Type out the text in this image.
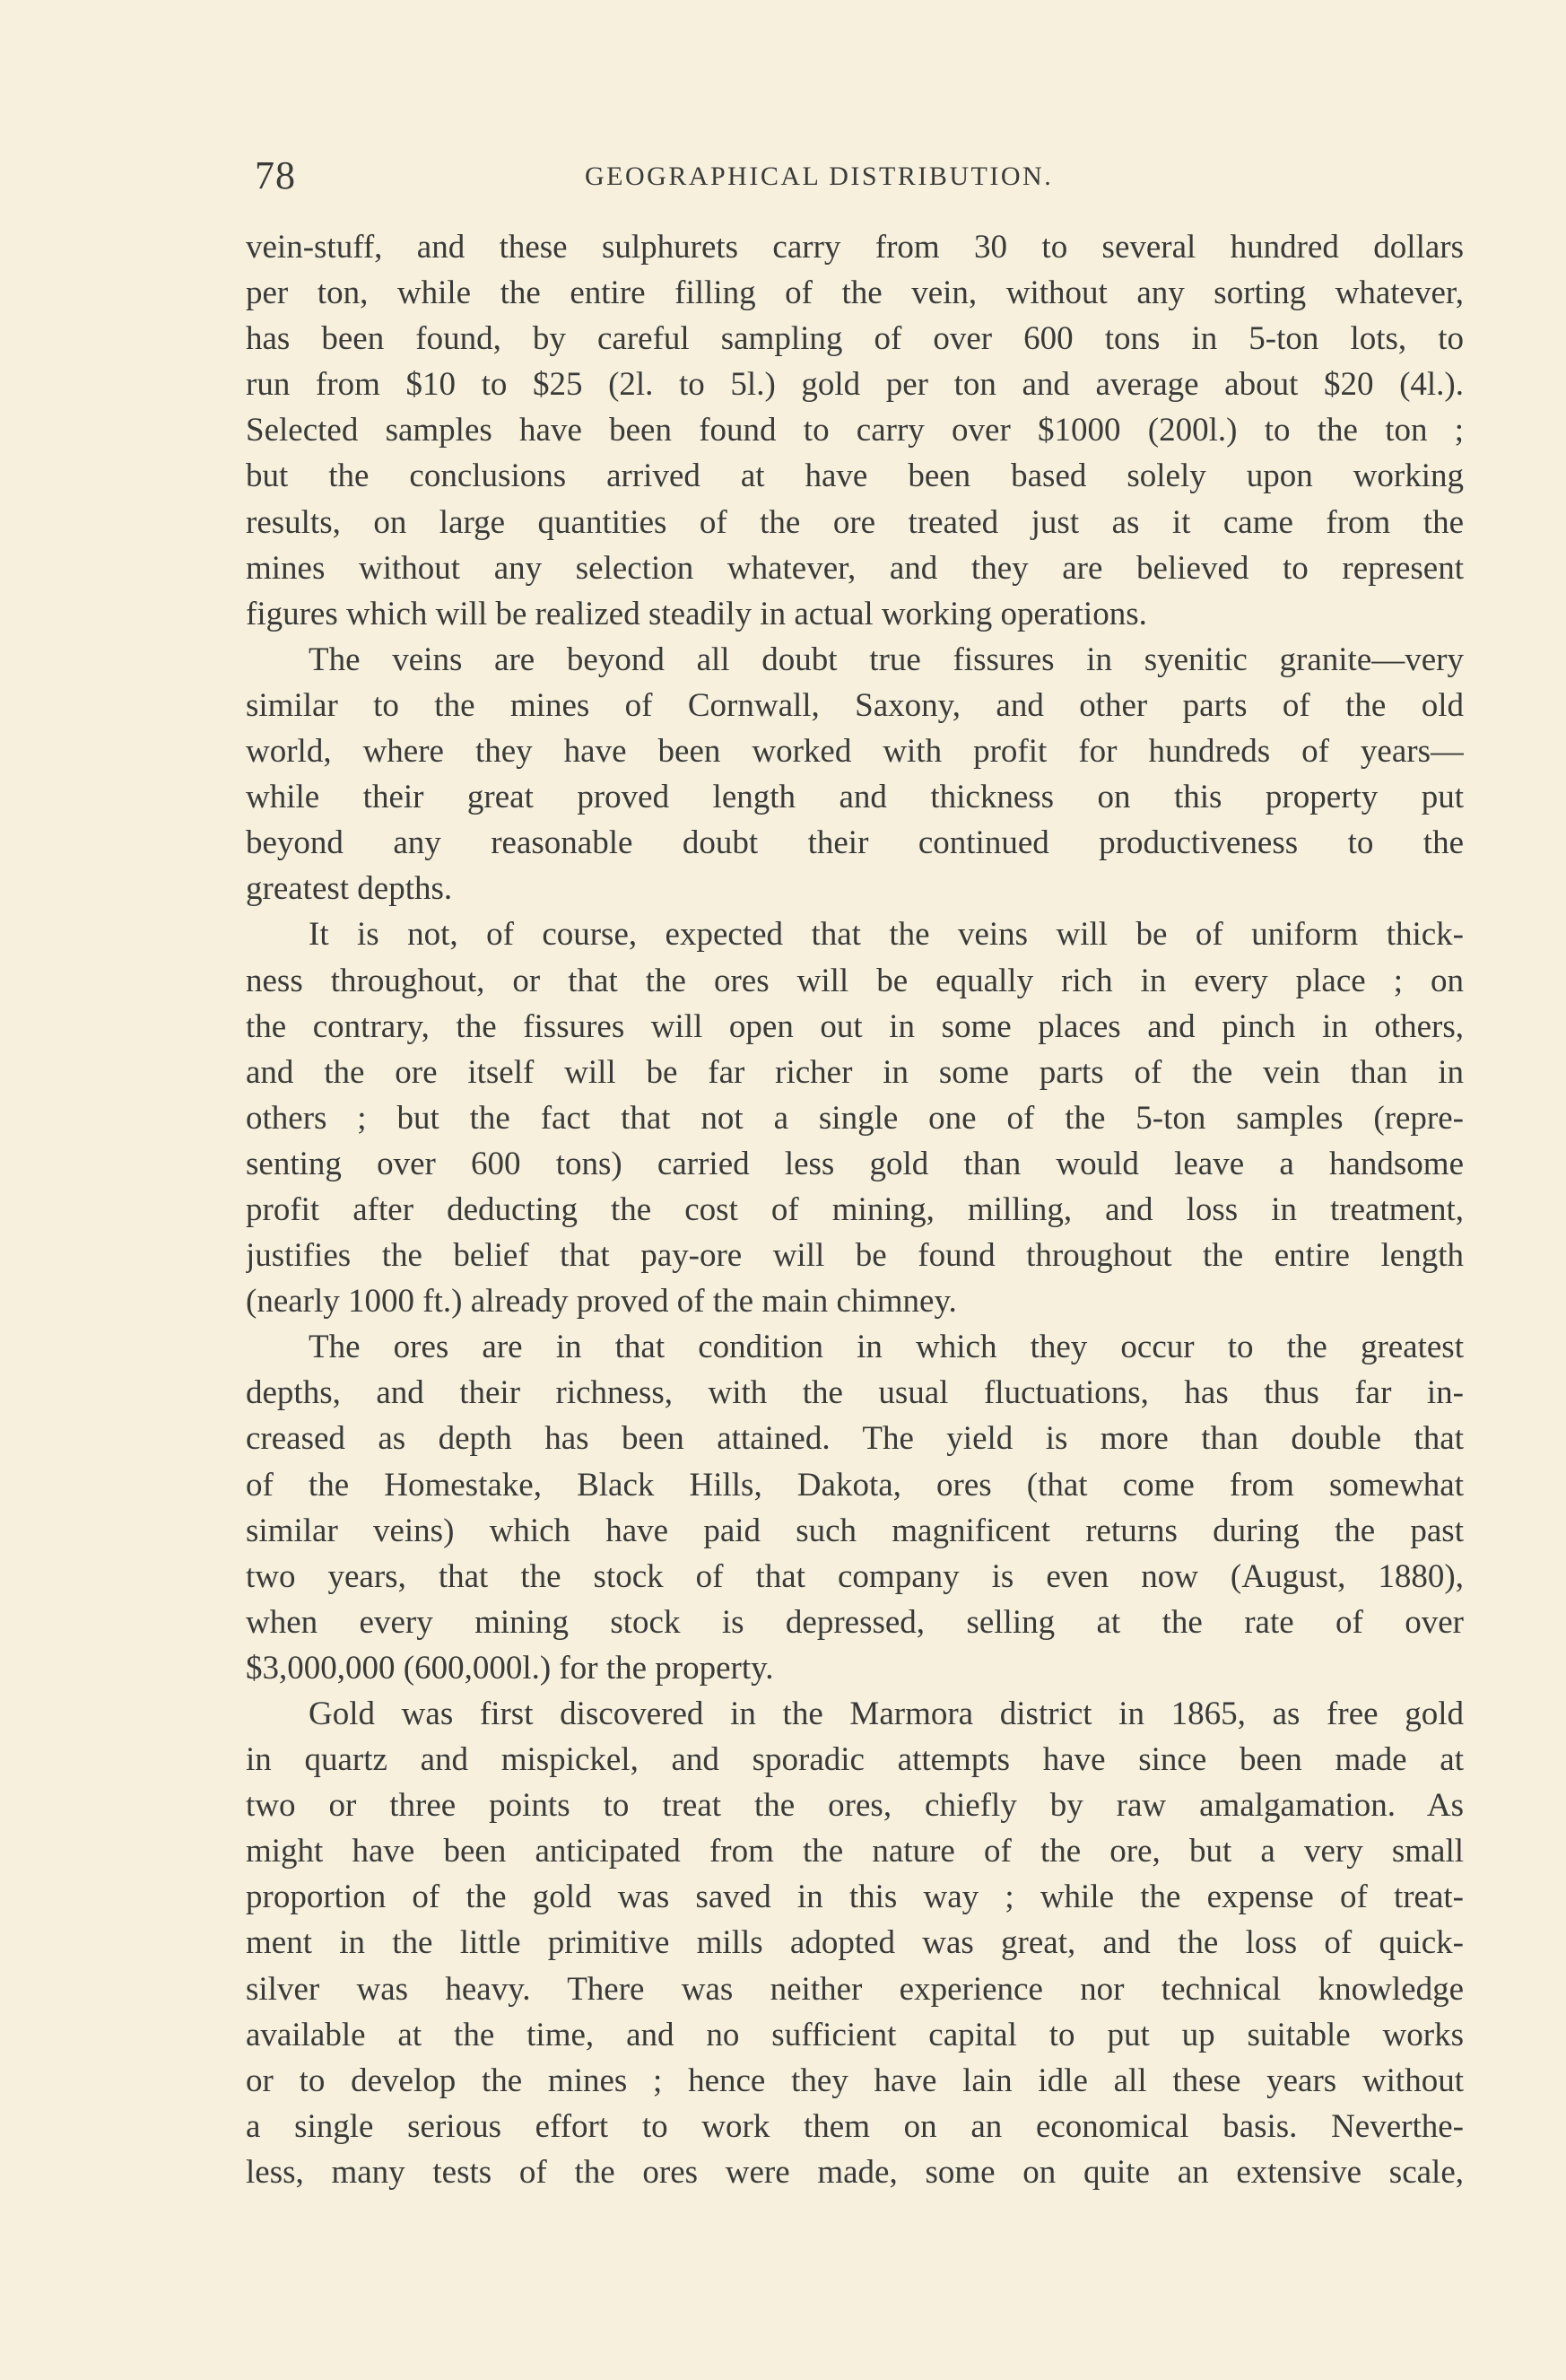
78	GEOGRAPHICAL DISTRIBUTION.
vein-stuff, and these sulphurets carry from 30 to several hundred dollars
per ton, while the entire filling of the vein, without any sorting whatever,
has been found, by careful sampling of over 600 tons in 5-ton lots, to
run from $10 to $25 (2l. to 5l.) gold per ton and average about $20 (4l.).
Selected samples have been found to carry over $1000 (200l.) to the ton ;
but the conclusions arrived at have been based solely upon working
results, on large quantities of the ore treated just as it came from the
mines without any selection whatever, and they are believed to represent
figures which will be realized steadily in actual working operations.
The veins are beyond all doubt true fissures in syenitic granite—very
similar to the mines of Cornwall, Saxony, and other parts of the old
world, where they have been worked with profit for hundreds of years—
while their great proved length and thickness on this property put
beyond any reasonable doubt their continued productiveness to the
greatest depths.
It is not, of course, expected that the veins will be of uniform thick-
ness throughout, or that the ores will be equally rich in every place ; on
the contrary, the fissures will open out in some places and pinch in others,
and the ore itself will be far richer in some parts of the vein than in
others ; but the fact that not a single one of the 5-ton samples (repre-
senting over 600 tons) carried less gold than would leave a handsome
profit after deducting the cost of mining, milling, and loss in treatment,
justifies the belief that pay-ore will be found throughout the entire length
(nearly 1000 ft.) already proved of the main chimney.
The ores are in that condition in which they occur to the greatest
depths, and their richness, with the usual fluctuations, has thus far in-
creased as depth has been attained. The yield is more than double that
of the Homestake, Black Hills, Dakota, ores (that come from somewhat
similar veins) which have paid such magnificent returns during the past
two years, that the stock of that company is even now (August, 1880),
when every mining stock is depressed, selling at the rate of over
$3,000,000 (600,000l.) for the property.
Gold was first discovered in the Marmora district in 1865, as free gold
in quartz and mispickel, and sporadic attempts have since been made at
two or three points to treat the ores, chiefly by raw amalgamation. As
might have been anticipated from the nature of the ore, but a very small
proportion of the gold was saved in this way ; while the expense of treat-
ment in the little primitive mills adopted was great, and the loss of quick-
silver was heavy. There was neither experience nor technical knowledge
available at the time, and no sufficient capital to put up suitable works
or to develop the mines ; hence they have lain idle all these years without
a single serious effort to work them on an economical basis. Neverthe-
less, many tests of the ores were made, some on quite an extensive scale,
